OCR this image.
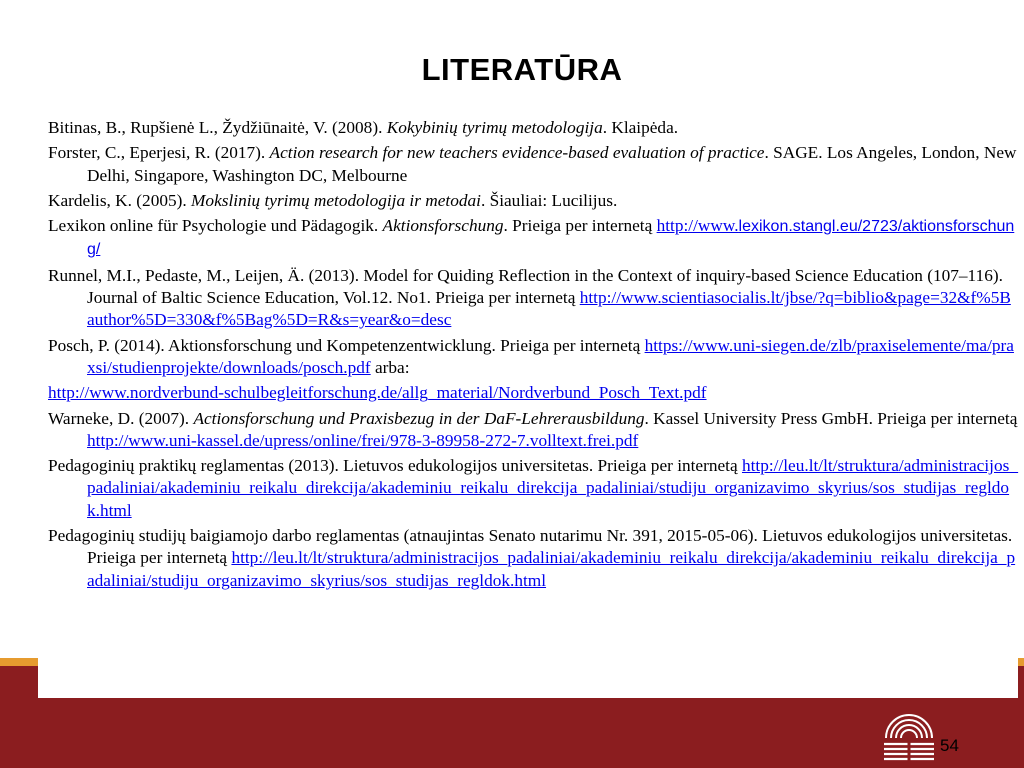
LITERATŪRA

Bitinas, B., Rupšienė L., Žydžiūnaitė, V. (2008). Kokybinių tyrimų metodologija. Klaipėda.

Forster, C., Eperjesi, R. (2017). Action research for new teachers evidence-based evaluation of practice. SAGE. Los Angeles, London, New Delhi, Singapore, Washington DC, Melbourne

Kardelis, K. (2005). Mokslinių tyrimų metodologija ir metodai. Šiauliai: Lucilijus.

Lexikon online für Psychologie und Pädagogik. Aktionsforschung. Prieiga per internetą http://www.lexikon.stangl.eu/2723/aktionsforschung/

Runnel, M.I., Pedaste, M., Leijen, Ä. (2013). Model for Quiding Reflection in the Context of inquiry-based Science Education (107–116). Journal of Baltic Science Education, Vol.12. No1. Prieiga per internetą http://www.scientiasocialis.lt/jbse/?q=biblio&page=32&f%5Bauthor%5D=330&f%5Bag%5D=R&s=year&o=desc

Posch, P. (2014). Aktionsforschung und Kompetenzentwicklung. Prieiga per internetą https://www.uni-siegen.de/zlb/praxiselemente/ma/praxsi/studienprojekte/downloads/posch.pdf arba:

http://www.nordverbund-schulbegleitforschung.de/allg_material/Nordverbund_Posch_Text.pdf

Warneke, D. (2007). Actionsforschung und Praxisbezug in der DaF-Lehrerausbildung. Kassel University Press GmbH. Prieiga per internetą http://www.uni-kassel.de/upress/online/frei/978-3-89958-272-7.volltext.frei.pdf

Pedagoginių praktikų reglamentas (2013). Lietuvos edukologijos universitetas. Prieiga per internetą http://leu.lt/lt/struktura/administracijos_padaliniai/akademiniu_reikalu_direkcija/akademiniu_reikalu_direkcija_padaliniai/studiju_organizavimo_skyrius/sos_studijas_regldok.html

Pedagoginių studijų baigiamojo darbo reglamentas (atnaujintas Senato nutarimu Nr. 391, 2015-05-06). Lietuvos edukologijos universitetas. Prieiga per internetą http://leu.lt/lt/struktura/administracijos_padaliniai/akademiniu_reikalu_direkcija/akademiniu_reikalu_direkcija_padaliniai/studiju_organizavimo_skyrius/sos_studijas_regldok.html

54
